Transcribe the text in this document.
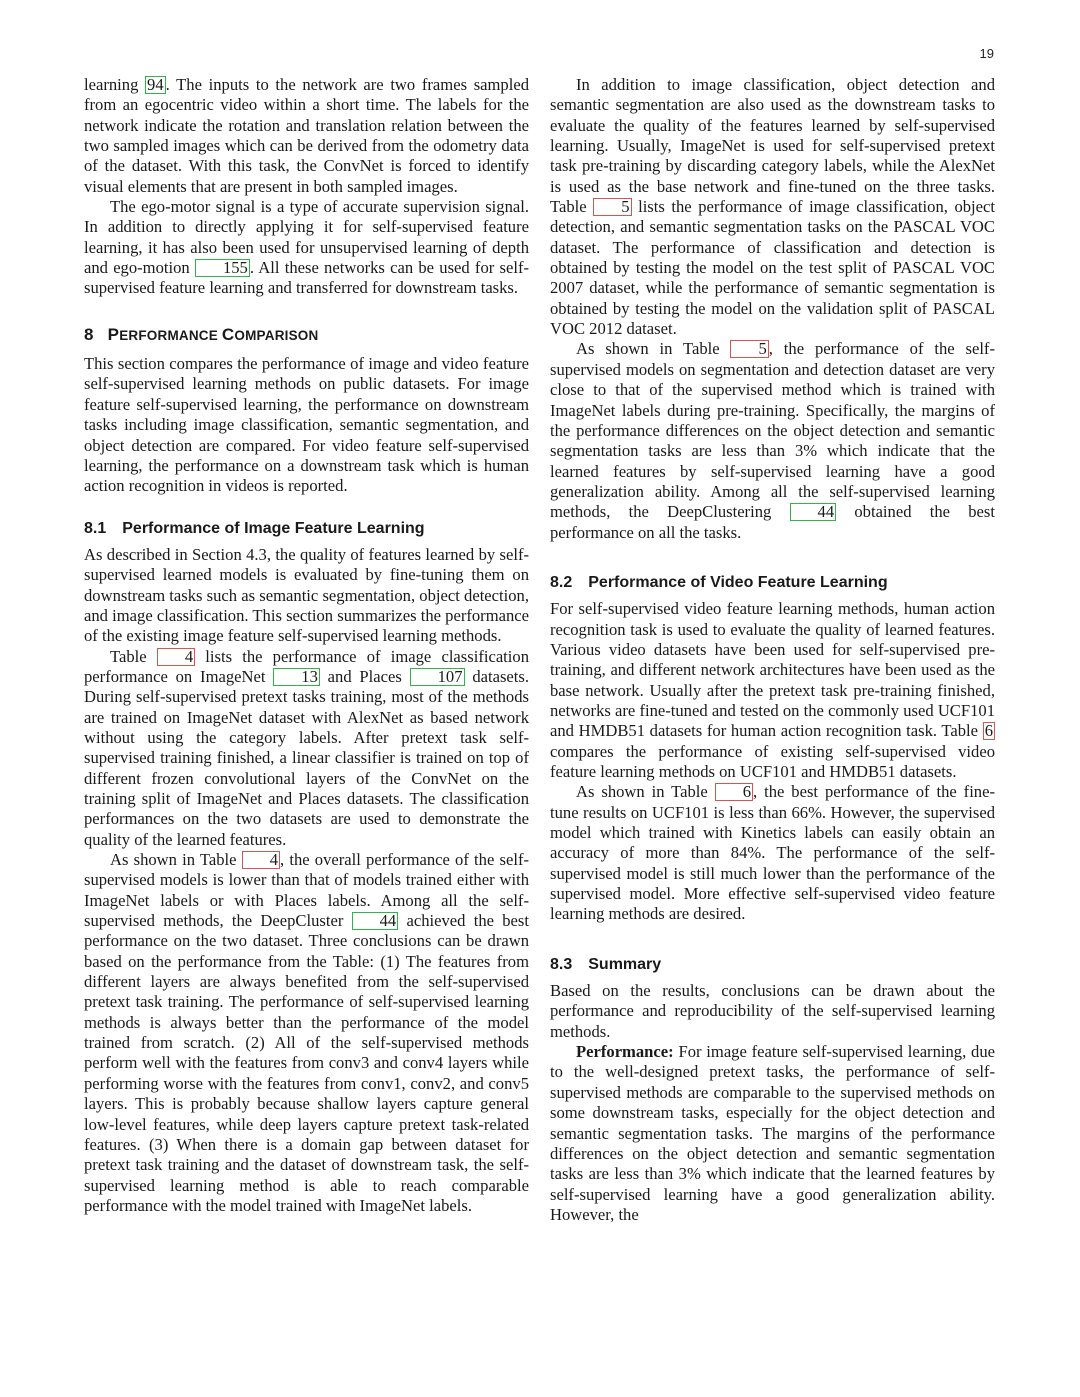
19

learning 94 . The inputs to the network are two frames sampled from an egocentric video within a short time. The labels for the network indicate the rotation and translation relation between the two sampled images which can be derived from the odometry data of the dataset. With this task, the ConvNet is forced to identify visual elements that are present in both sampled images.

The ego-motor signal is a type of accurate supervision signal. In addition to directly applying it for self-supervised feature learning, it has also been used for unsupervised learning of depth and ego-motion 155 . All these networks can be used for self-supervised feature learning and transferred for downstream tasks.

8 PERFORMANCE COMPARISON

This section compares the performance of image and video feature self-supervised learning methods on public datasets. For image feature self-supervised learning, the performance on downstream tasks including image classification, semantic segmentation, and object detection are compared. For video feature self-supervised learning, the performance on a downstream task which is human action recognition in videos is reported.

8.1 Performance of Image Feature Learning

As described in Section 4.3, the quality of features learned by self-supervised learned models is evaluated by fine-tuning them on downstream tasks such as semantic segmentation, object detection, and image classification. This section summarizes the performance of the existing image feature self-supervised learning methods.

Table 4 lists the performance of image classification performance on ImageNet 13 and Places 107 datasets. During self-supervised pretext tasks training, most of the methods are trained on ImageNet dataset with AlexNet as based network without using the category labels. After pretext task self-supervised training finished, a linear classifier is trained on top of different frozen convolutional layers of the ConvNet on the training split of ImageNet and Places datasets. The classification performances on the two datasets are used to demonstrate the quality of the learned features.

As shown in Table 4 , the overall performance of the self-supervised models is lower than that of models trained either with ImageNet labels or with Places labels. Among all the self-supervised methods, the DeepCluster 44 achieved the best performance on the two dataset. Three conclusions can be drawn based on the performance from the Table: (1) The features from different layers are always benefited from the self-supervised pretext task training. The performance of self-supervised learning methods is always better than the performance of the model trained from scratch. (2) All of the self-supervised methods perform well with the features from conv3 and conv4 layers while performing worse with the features from conv1, conv2, and conv5 layers. This is probably because shallow layers capture general low-level features, while deep layers capture pretext task-related features. (3) When there is a domain gap between dataset for pretext task training and the dataset of downstream task, the self-supervised learning method is able to reach comparable performance with the model trained with ImageNet labels.

In addition to image classification, object detection and semantic segmentation are also used as the downstream tasks to evaluate the quality of the features learned by self-supervised learning. Usually, ImageNet is used for self-supervised pretext task pre-training by discarding category labels, while the AlexNet is used as the base network and fine-tuned on the three tasks. Table 5 lists the performance of image classification, object detection, and semantic segmentation tasks on the PASCAL VOC dataset. The performance of classification and detection is obtained by testing the model on the test split of PASCAL VOC 2007 dataset, while the performance of semantic segmentation is obtained by testing the model on the validation split of PASCAL VOC 2012 dataset.

As shown in Table 5 , the performance of the self-supervised models on segmentation and detection dataset are very close to that of the supervised method which is trained with ImageNet labels during pre-training. Specifically, the margins of the performance differences on the object detection and semantic segmentation tasks are less than 3% which indicate that the learned features by self-supervised learning have a good generalization ability. Among all the self-supervised learning methods, the DeepClustering 44 obtained the best performance on all the tasks.

8.2 Performance of Video Feature Learning

For self-supervised video feature learning methods, human action recognition task is used to evaluate the quality of learned features. Various video datasets have been used for self-supervised pre-training, and different network architectures have been used as the base network. Usually after the pretext task pre-training finished, networks are fine-tuned and tested on the commonly used UCF101 and HMDB51 datasets for human action recognition task. Table 6 compares the performance of existing self-supervised video feature learning methods on UCF101 and HMDB51 datasets.

As shown in Table 6 , the best performance of the fine-tune results on UCF101 is less than 66%. However, the supervised model which trained with Kinetics labels can easily obtain an accuracy of more than 84%. The performance of the self-supervised model is still much lower than the performance of the supervised model. More effective self-supervised video feature learning methods are desired.

8.3 Summary

Based on the results, conclusions can be drawn about the performance and reproducibility of the self-supervised learning methods.

Performance: For image feature self-supervised learning, due to the well-designed pretext tasks, the performance of self-supervised methods are comparable to the supervised methods on some downstream tasks, especially for the object detection and semantic segmentation tasks. The margins of the performance differences on the object detection and semantic segmentation tasks are less than 3% which indicate that the learned features by self-supervised learning have a good generalization ability. However, the
